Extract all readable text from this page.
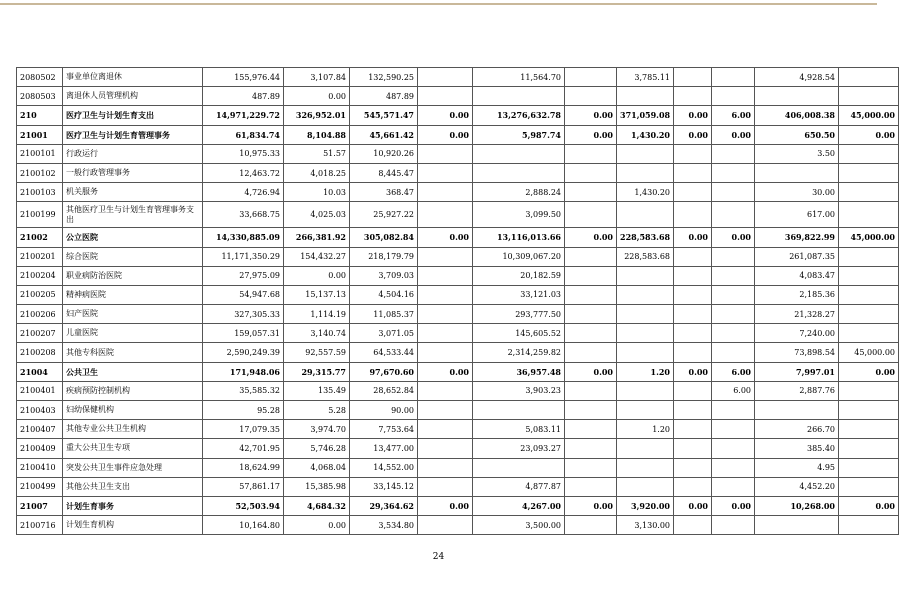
2080502	事业单位离退休	155,976.44	3,107.84	132,590.25		11,564.70		3,785.11			4,928.54	
2080503	离退休人员管理机构	487.89	0.00	487.89								
210	医疗卫生与计划生育支出	14,971,229.72	326,952.01	545,571.47	0.00	13,276,632.78	0.00	371,059.08	0.00	6.00	406,008.38	45,000.00
21001	医疗卫生与计划生育管理事务	61,834.74	8,104.88	45,661.42	0.00	5,987.74	0.00	1,430.20	0.00	0.00	650.50	0.00
2100101	行政运行	10,975.33	51.57	10,920.26							3.50	
2100102	一般行政管理事务	12,463.72	4,018.25	8,445.47								
2100103	机关服务	4,726.94	10.03	368.47		2,888.24		1,430.20			30.00	
2100199	其他医疗卫生与计划生育管理事务支出	33,668.75	4,025.03	25,927.22		3,099.50					617.00	
21002	公立医院	14,330,885.09	266,381.92	305,082.84	0.00	13,116,013.66	0.00	228,583.68	0.00	0.00	369,822.99	45,000.00
2100201	综合医院	11,171,350.29	154,432.27	218,179.79		10,309,067.20		228,583.68			261,087.35	
2100204	职业病防治医院	27,975.09	0.00	3,709.03		20,182.59					4,083.47	
2100205	精神病医院	54,947.68	15,137.13	4,504.16		33,121.03					2,185.36	
2100206	妇产医院	327,305.33	1,114.19	11,085.37		293,777.50					21,328.27	
2100207	儿童医院	159,057.31	3,140.74	3,071.05		145,605.52					7,240.00	
2100208	其他专科医院	2,590,249.39	92,557.59	64,533.44		2,314,259.82					73,898.54	45,000.00
21004	公共卫生	171,948.06	29,315.77	97,670.60	0.00	36,957.48	0.00	1.20	0.00	6.00	7,997.01	0.00
2100401	疾病预防控制机构	35,585.32	135.49	28,652.84		3,903.23				6.00	2,887.76	
2100403	妇幼保健机构	95.28	5.28	90.00								
2100407	其他专业公共卫生机构	17,079.35	3,974.70	7,753.64		5,083.11		1.20			266.70	
2100409	重大公共卫生专项	42,701.95	5,746.28	13,477.00		23,093.27					385.40	
2100410	突发公共卫生事件应急处理	18,624.99	4,068.04	14,552.00							4.95	
2100499	其他公共卫生支出	57,861.17	15,385.98	33,145.12		4,877.87					4,452.20	
21007	计划生育事务	52,503.94	4,684.32	29,364.62	0.00	4,267.00	0.00	3,920.00	0.00	0.00	10,268.00	0.00
2100716	计划生育机构	10,164.80	0.00	3,534.80		3,500.00		3,130.00				
24
